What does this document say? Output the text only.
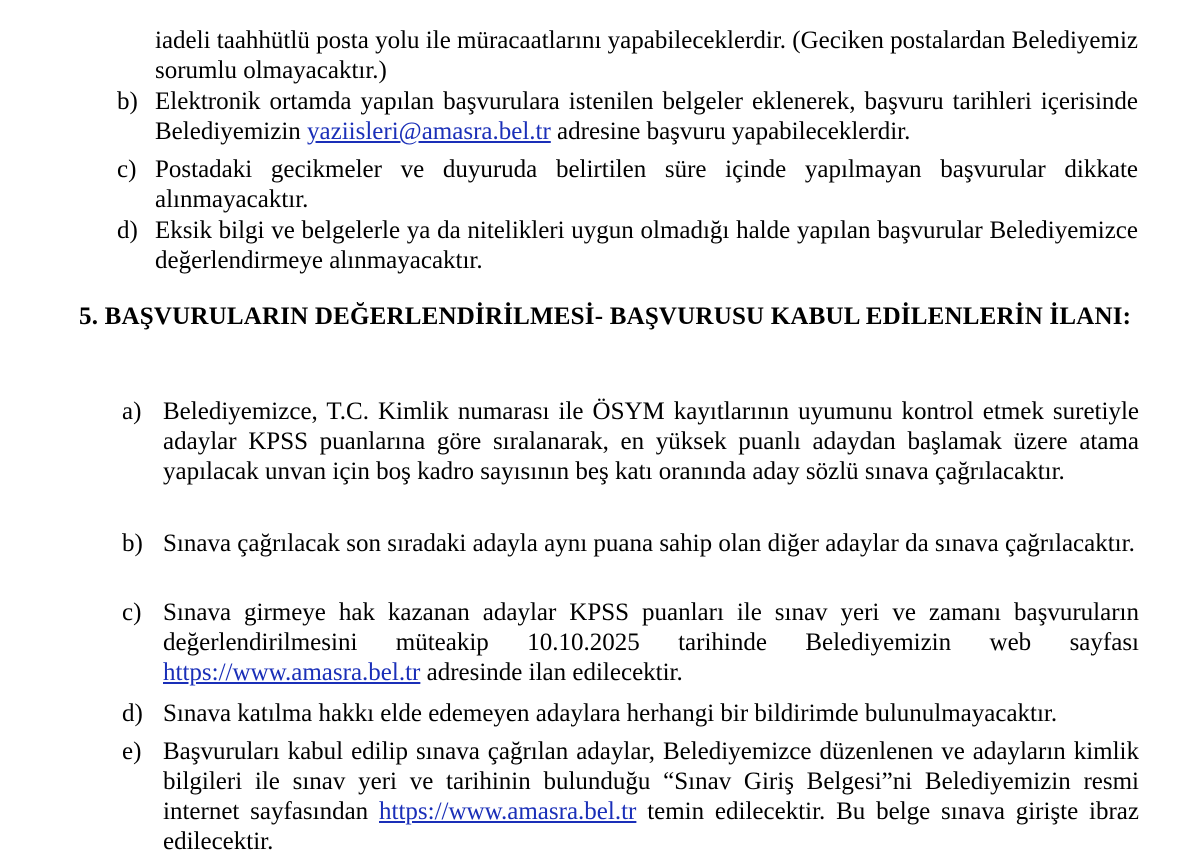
iadeli taahhütlü posta yolu ile müracaatlarını yapabileceklerdir. (Geciken postalardan Belediyemiz sorumlu olmayacaktır.)
b) Elektronik ortamda yapılan başvurulara istenilen belgeler eklenerek, başvuru tarihleri içerisinde Belediyemizin yaziisleri@amasra.bel.tr adresine başvuru yapabileceklerdir.
c) Postadaki gecikmeler ve duyuruda belirtilen süre içinde yapılmayan başvurular dikkate alınmayacaktır.
d) Eksik bilgi ve belgelerle ya da nitelikleri uygun olmadığı halde yapılan başvurular Belediyemizce değerlendirmeye alınmayacaktır.
5. BAŞVURULARIN DEĞERLENDİRİLMESİ- BAŞVURUSU KABUL EDİLENLERİN İLANI:
a) Belediyemizce, T.C. Kimlik numarası ile ÖSYM kayıtlarının uyumunu kontrol etmek suretiyle adaylar KPSS puanlarına göre sıralanarak, en yüksek puanlı adaydan başlamak üzere atama yapılacak unvan için boş kadro sayısının beş katı oranında aday sözlü sınava çağrılacaktır.
b) Sınava çağrılacak son sıradaki adayla aynı puana sahip olan diğer adaylar da sınava çağrılacaktır.
c) Sınava girmeye hak kazanan adaylar KPSS puanları ile sınav yeri ve zamanı başvuruların değerlendirilmesini müteakip 10.10.2025 tarihinde Belediyemizin web sayfası https://www.amasra.bel.tr adresinde ilan edilecektir.
d) Sınava katılma hakkı elde edemeyen adaylara herhangi bir bildirimde bulunulmayacaktır.
e) Başvuruları kabul edilip sınava çağrılan adaylar, Belediyemizce düzenlenen ve adayların kimlik bilgileri ile sınav yeri ve tarihinin bulunduğu “Sınav Giriş Belgesi”ni Belediyemizin resmi internet sayfasından https://www.amasra.bel.tr temin edilecektir. Bu belge sınava girişte ibraz edilecektir.
